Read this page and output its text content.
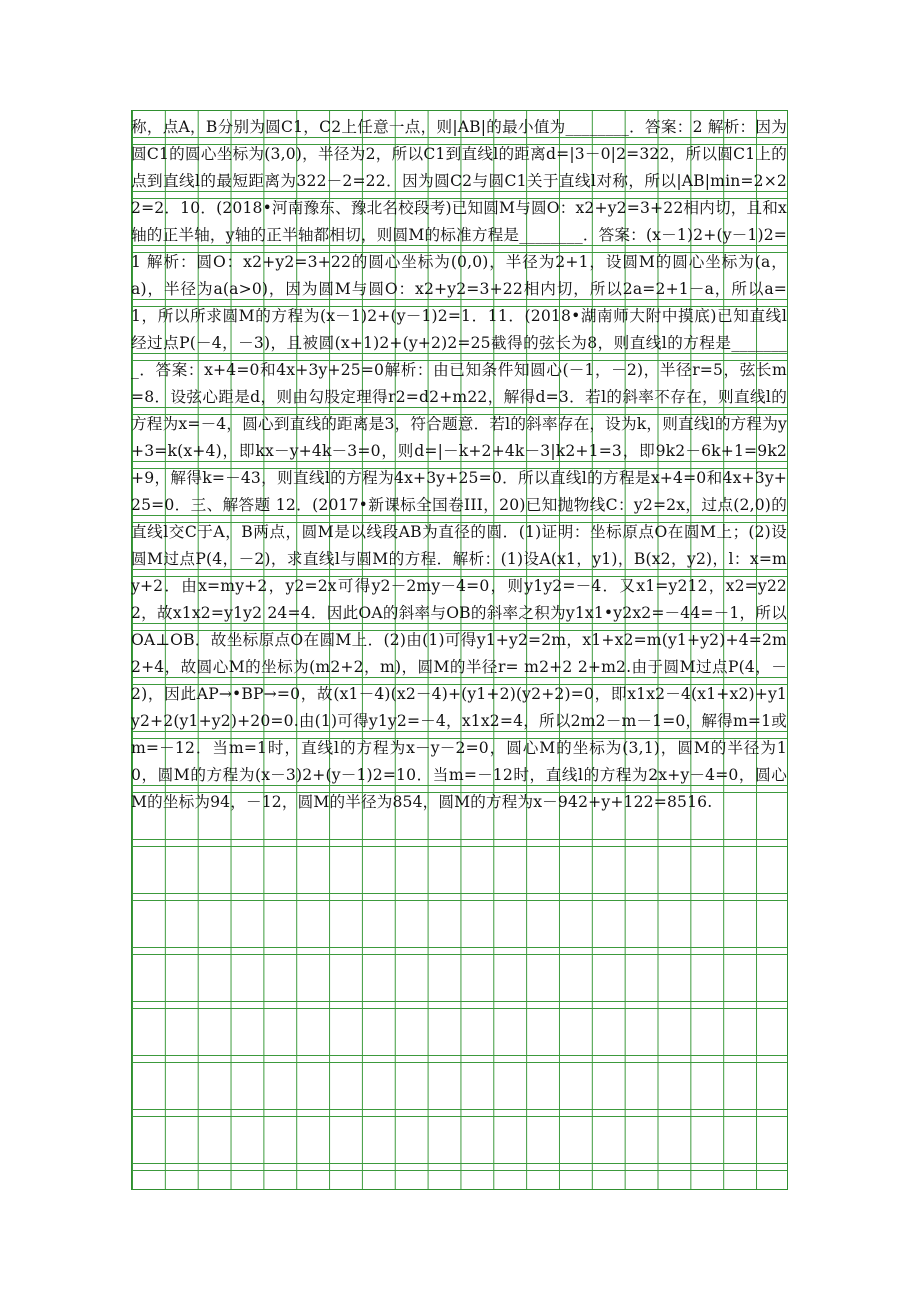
称，点A，B分别为圆C1，C2上任意一点，则|AB|的最小值为________．答案：2 解析：因为圆C1的圆心坐标为(3,0)，半径为2，所以C1到直线l的距离d=|3－0|2=322，所以圆C1上的点到直线l的最短距离为322－2=22．因为圆C2与圆C1关于直线l对称，所以|AB|min=2×22=2．10．(2018•河南豫东、豫北名校段考)已知圆M与圆O：x2+y2=3+22相内切，且和x轴的正半轴，y轴的正半轴都相切，则圆M的标准方程是________．答案：(x－1)2+(y－1)2=1 解析：圆O：x2+y2=3+22的圆心坐标为(0,0)，半径为2+1，设圆M的圆心坐标为(a，a)，半径为a(a>0)，因为圆M与圆O：x2+y2=3+22相内切，所以2a=2+1－a，所以a=1，所以所求圆M的方程为(x－1)2+(y－1)2=1．11．(2018•湖南师大附中摸底)已知直线l经过点P(－4，－3)，且被圆(x+1)2+(y+2)2=25截得的弦长为8，则直线l的方程是________．答案：x+4=0和4x+3y+25=0解析：由已知条件知圆心(－1，－2)，半径r=5，弦长m=8．设弦心距是d，则由勾股定理得r2=d2+m22，解得d=3．若l的斜率不存在，则直线l的方程为x=－4，圆心到直线的距离是3，符合题意．若l的斜率存在，设为k，则直线l的方程为y+3=k(x+4)，即kx－y+4k－3=0，则d=|－k+2+4k－3|k2+1=3，即9k2－6k+1=9k2+9，解得k=－43，则直线l的方程为4x+3y+25=0．所以直线l的方程是x+4=0和4x+3y+25=0．三、解答题 12．(2017•新课标全国卷III，20)已知抛物线C：y2=2x，过点(2,0)的直线l交C于A，B两点，圆M是以线段AB为直径的圆．(1)证明：坐标原点O在圆M上；(2)设圆M过点P(4，－2)，求直线l与圆M的方程．解析：(1)设A(x1，y1)，B(x2，y2)，l：x=my+2．由x=my+2，y2=2x可得y2－2my－4=0，则y1y2=－4．又x1=y212，x2=y222，故x1x2=y1y2 24=4．因此OA的斜率与OB的斜率之积为y1x1•y2x2=－44=－1，所以OA⊥OB．故坐标原点O在圆M上．(2)由(1)可得y1+y2=2m，x1+x2=m(y1+y2)+4=2m2+4，故圆心M的坐标为(m2+2，m)，圆M的半径r= m2+2 2+m2.由于圆M过点P(4，－2)，因此AP→•BP→=0，故(x1－4)(x2－4)+(y1+2)(y2+2)=0，即x1x2－4(x1+x2)+y1y2+2(y1+y2)+20=0.由(1)可得y1y2=－4，x1x2=4，所以2m2－m－1=0，解得m=1或m=－12．当m=1时，直线l的方程为x－y－2=0，圆心M的坐标为(3,1)，圆M的半径为10，圆M的方程为(x－3)2+(y－1)2=10．当m=－12时，直线l的方程为2x+y－4=0，圆心M的坐标为94，－12，圆M的半径为854，圆M的方程为x－942+y+122=8516.
